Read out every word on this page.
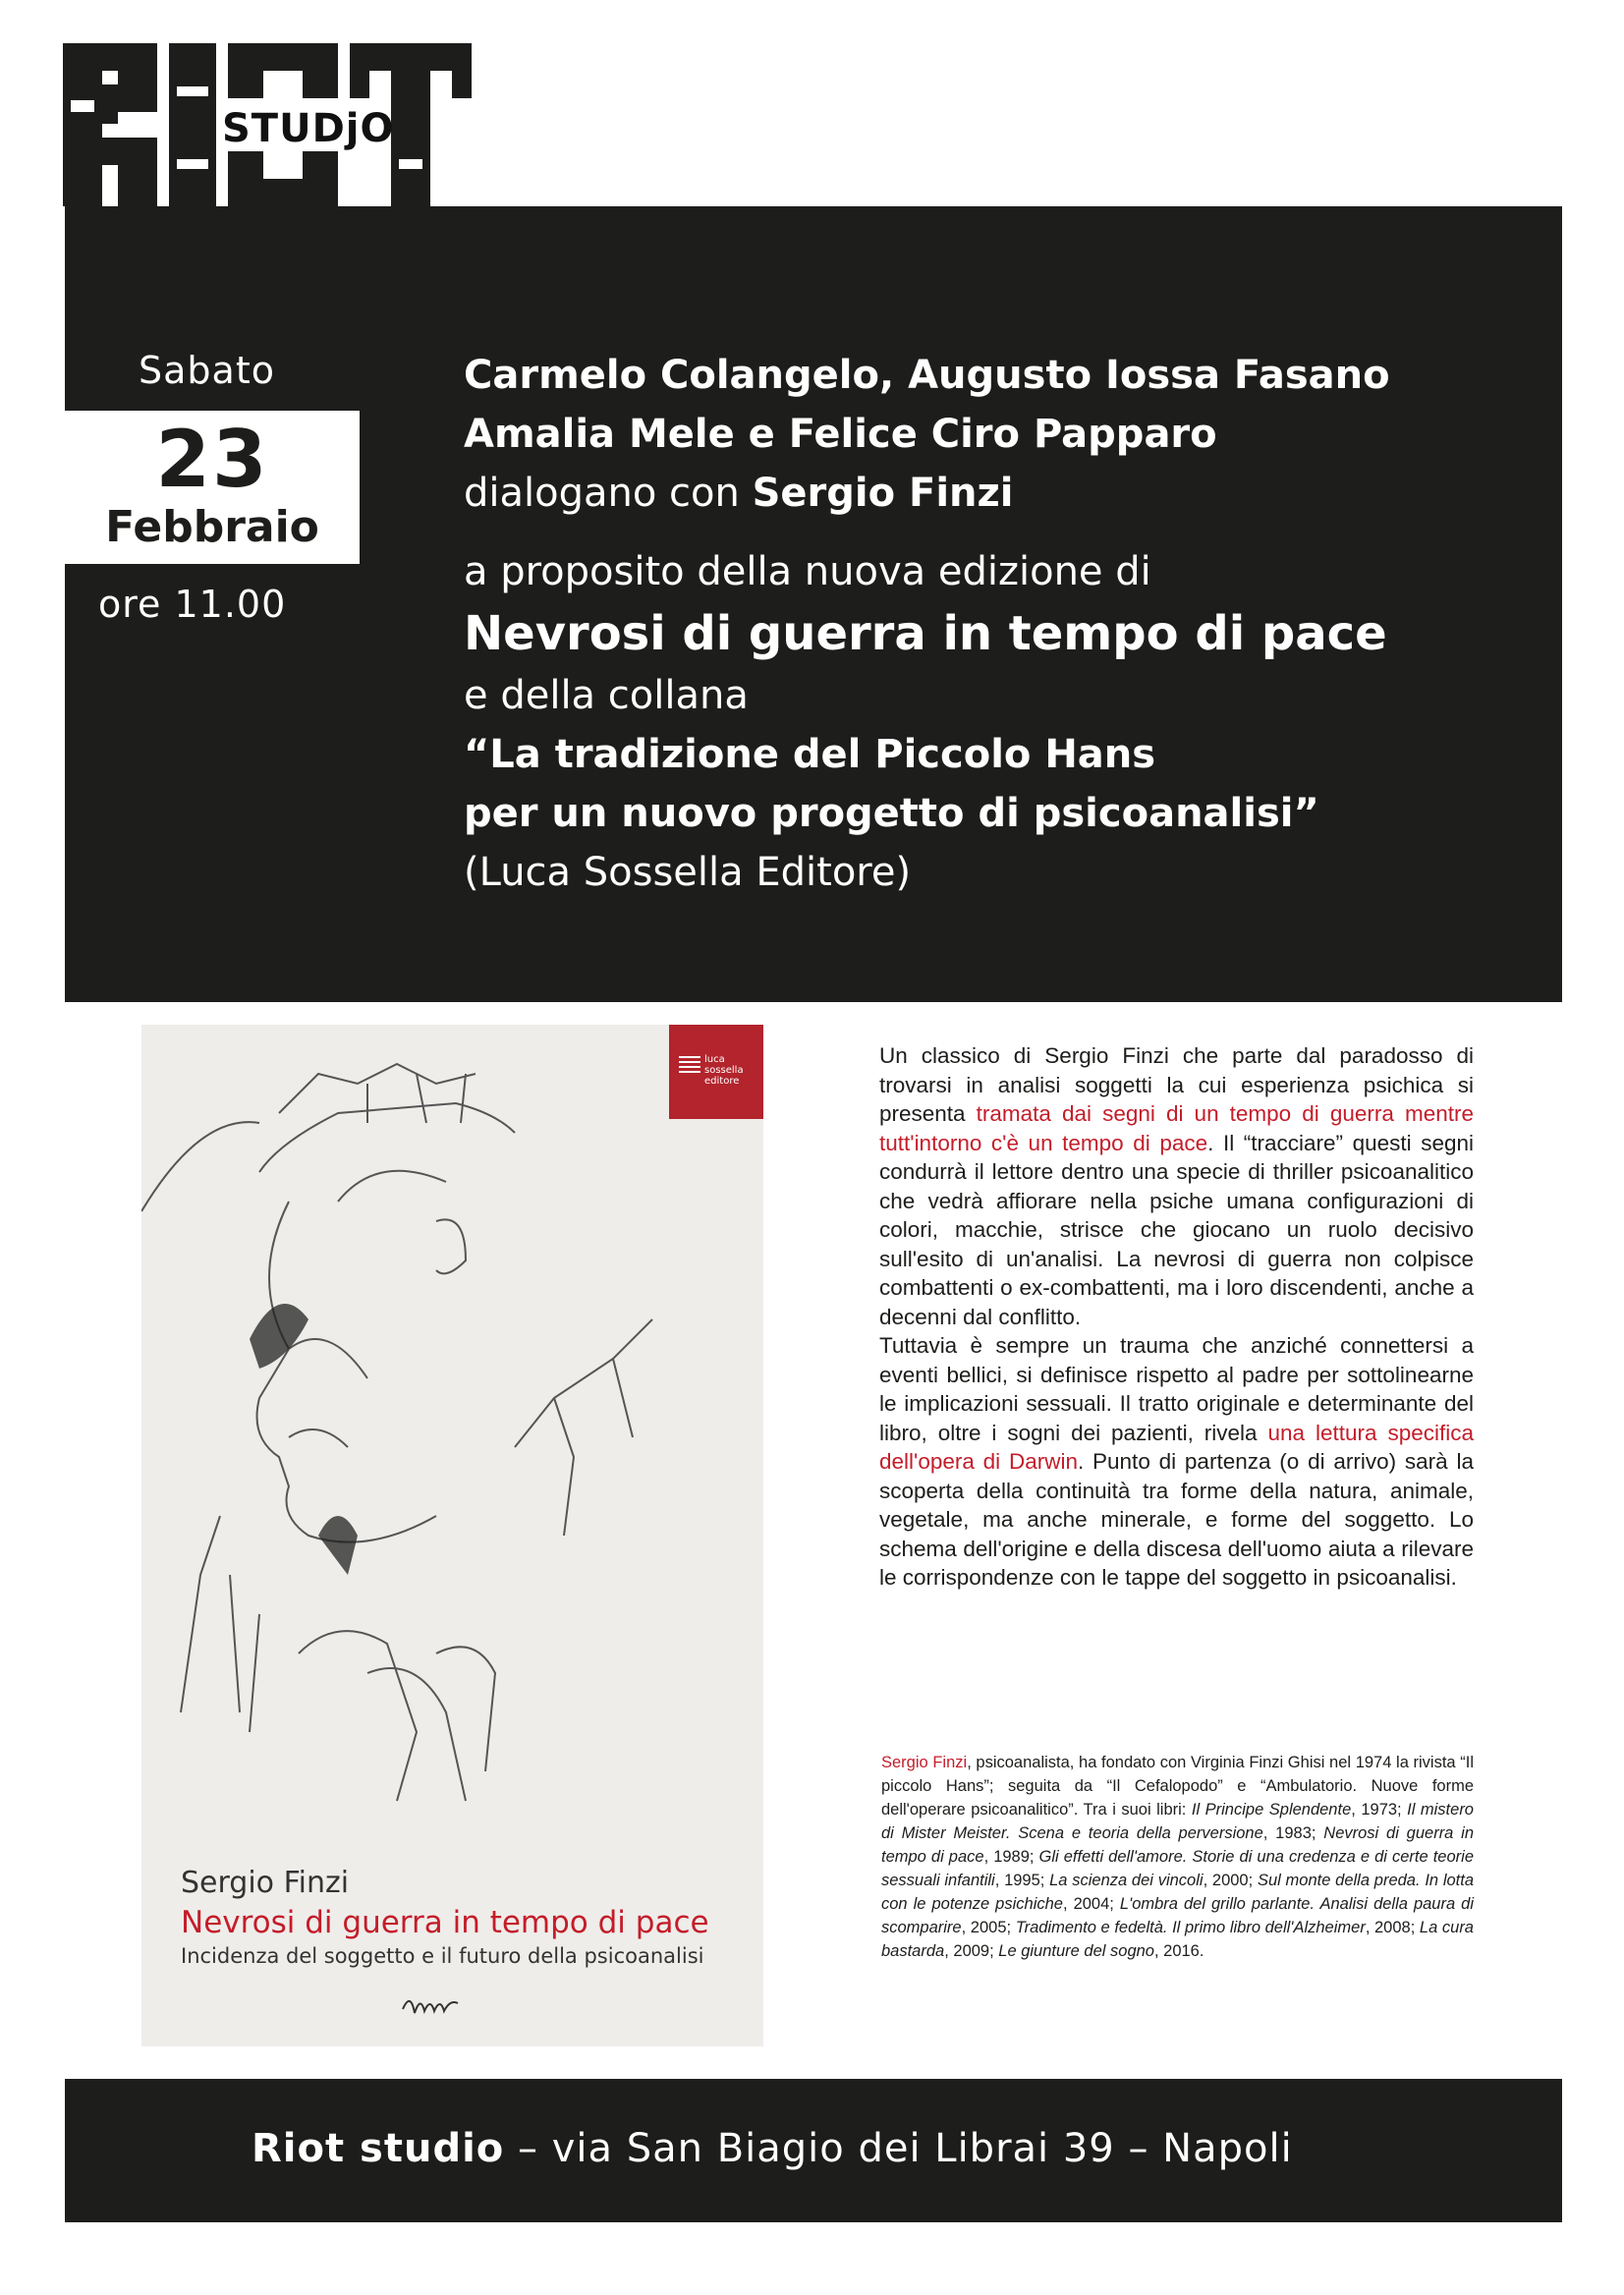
STUDjO
Sabato
23
Febbraio
ore 11.00
Carmelo Colangelo, Augusto Iossa Fasano
Amalia Mele e Felice Ciro Papparo
dialogano con Sergio Finzi
a proposito della nuova edizione di
Nevrosi di guerra in tempo di pace
e della collana
“La tradizione del Piccolo Hans
per un nuovo progetto di psicoanalisi”
(Luca Sossella Editore)
luca
sossella
editore
Sergio Finzi
Nevrosi di guerra in tempo di pace
Incidenza del soggetto e il futuro della psicoanalisi

Un classico di Sergio Finzi che parte dal paradosso di trovarsi in analisi soggetti la cui esperienza psichica si presenta tramata dai segni di un tempo di guerra mentre tutt'intorno c'è un tempo di pace. Il “tracciare” questi segni condurrà il lettore dentro una specie di thriller psicoanalitico che vedrà affiorare nella psiche umana configurazioni di colori, macchie, strisce che giocano un ruolo decisivo sull'esito di un'analisi. La nevrosi di guerra non colpisce combattenti o ex-combattenti, ma i loro discendenti, anche a decenni dal conflitto.

Tuttavia è sempre un trauma che anziché connettersi a eventi bellici, si definisce rispetto al padre per sottolinearne le implicazioni sessuali. Il tratto originale e determinante del libro, oltre i sogni dei pazienti, rivela una lettura specifica dell'opera di Darwin. Punto di partenza (o di arrivo) sarà la scoperta della continuità tra forme della natura, animale, vegetale, ma anche minerale, e forme del soggetto. Lo schema dell'origine e della discesa dell'uomo aiuta a rilevare le corrispondenze con le tappe del soggetto in psicoanalisi.

Sergio Finzi, psicoanalista, ha fondato con Virginia Finzi Ghisi nel 1974 la rivista “Il piccolo Hans”; seguita da “Il Cefalopodo” e “Ambulatorio. Nuove forme dell'operare psicoanalitico”. Tra i suoi libri: Il Principe Splendente, 1973; Il mistero di Mister Meister. Scena e teoria della perversione, 1983; Nevrosi di guerra in tempo di pace, 1989; Gli effetti dell'amore. Storie di una credenza e di certe teorie sessuali infantili, 1995; La scienza dei vincoli, 2000; Sul monte della preda. In lotta con le potenze psichiche, 2004; L'ombra del grillo parlante. Analisi della paura di scomparire, 2005; Tradimento e fedeltà. Il primo libro dell'Alzheimer, 2008; La cura bastarda, 2009; Le giunture del sogno, 2016.
Riot studio – via San Biagio dei Librai 39 – Napoli
